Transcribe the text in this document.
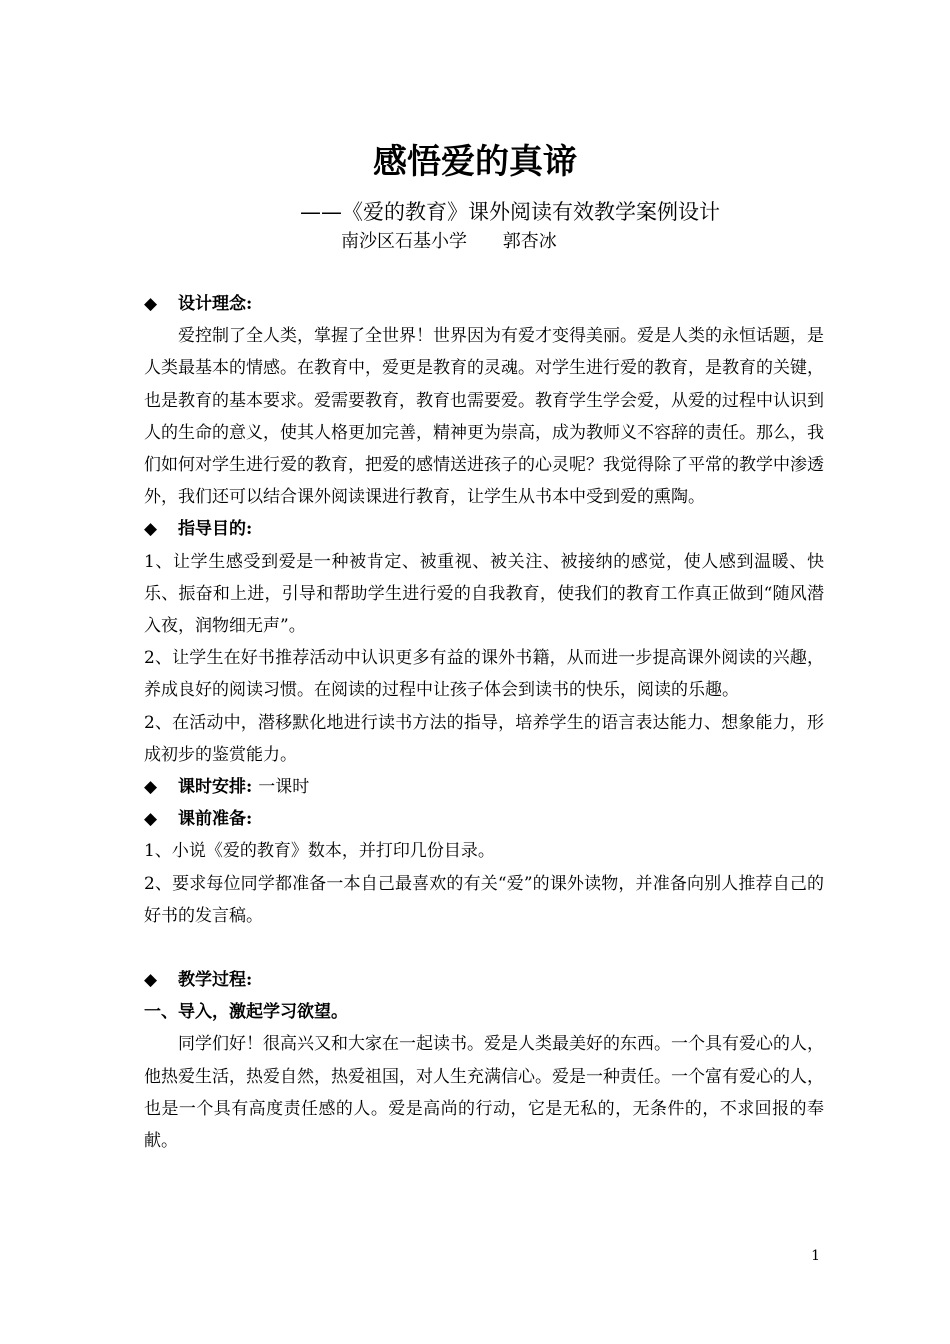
感悟爱的真谛
——《爱的教育》课外阅读有效教学案例设计
南沙区石基小学 郭杏冰

◆ 设计理念:

爱控制了全人类，掌握了全世界！世界因为有爱才变得美丽。爱是人类的永恒话题，是人类最基本的情感。在教育中，爱更是教育的灵魂。对学生进行爱的教育，是教育的关键，也是教育的基本要求。爱需要教育，教育也需要爱。教育学生学会爱，从爱的过程中认识到人的生命的意义，使其人格更加完善，精神更为崇高，成为教师义不容辞的责任。那么，我们如何对学生进行爱的教育，把爱的感情送进孩子的心灵呢？我觉得除了平常的教学中渗透外，我们还可以结合课外阅读课进行教育，让学生从书本中受到爱的熏陶。

◆ 指导目的:

1、让学生感受到爱是一种被肯定、被重视、被关注、被接纳的感觉，使人感到温暖、快乐、振奋和上进，引导和帮助学生进行爱的自我教育，使我们的教育工作真正做到“随风潜入夜，润物细无声”。

2、让学生在好书推荐活动中认识更多有益的课外书籍，从而进一步提高课外阅读的兴趣，养成良好的阅读习惯。在阅读的过程中让孩子体会到读书的快乐，阅读的乐趣。

2、在活动中，潜移默化地进行读书方法的指导，培养学生的语言表达能力、想象能力，形成初步的鉴赏能力。

◆ 课时安排: 一课时

◆ 课前准备:

1、小说《爱的教育》数本，并打印几份目录。

2、要求每位同学都准备一本自己最喜欢的有关“爱”的课外读物，并准备向别人推荐自己的好书的发言稿。

◆ 教学过程:

一、导入，激起学习欲望。

同学们好！很高兴又和大家在一起读书。爱是人类最美好的东西。一个具有爱心的人，他热爱生活，热爱自然，热爱祖国，对人生充满信心。爱是一种责任。一个富有爱心的人，也是一个具有高度责任感的人。爱是高尚的行动，它是无私的，无条件的，不求回报的奉献。

1
